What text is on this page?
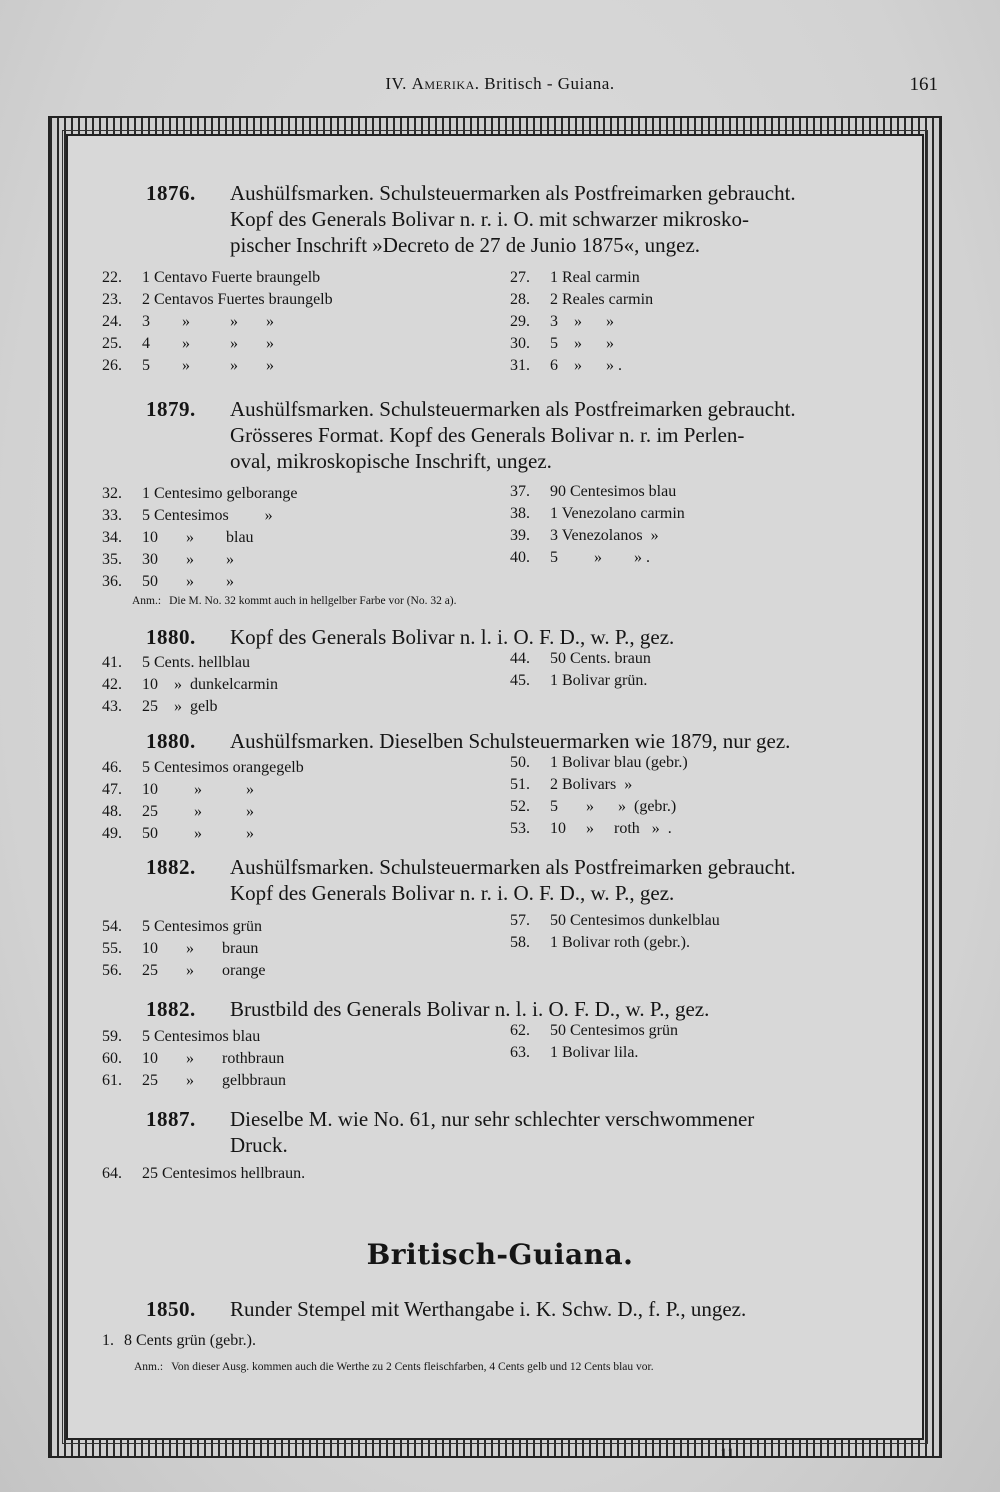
IV. Amerika. Britisch - Guiana.	161
1876. Aushülfsmarken. Schulsteuermarken als Postfreimarken gebraucht.
Kopf des Generals Bolivar n. r. i. O. mit schwarzer mikrosko-
pischer Inschrift »Decreto de 27 de Junio 1875«, ungez.
22.	1 Centavo Fuerte braungelb
23.	2 Centavos Fuertes braungelb
24.	3        »          »       »
25.	4        »          »       »
26.	5        »          »       »
27.	1 Real carmin
28.	2 Reales carmin
29.	3    »      »
30.	5    »      »
31.	6    »      » .
1879. Aushülfsmarken. Schulsteuermarken als Postfreimarken gebraucht.
Grösseres Format. Kopf des Generals Bolivar n. r. im Perlen-
oval, mikroskopische Inschrift, ungez.
32.	1 Centesimo gelborange
33.	5 Centesimos         »
34.	10       »        blau
35.	30       »        »
36.	50       »        »
37.	90 Centesimos blau
38.	1 Venezolano carmin
39.	3 Venezolanos  »
40.	5         »        » .
Anm.: Die M. No. 32 kommt auch in hellgelber Farbe vor (No. 32 a).
1880. Kopf des Generals Bolivar n. l. i. O. F. D., w. P., gez.
41.	5 Cents. hellblau
42.	10    »  dunkelcarmin
43.	25    »  gelb
44.	50 Cents. braun
45.	1 Bolivar grün.
1880. Aushülfsmarken. Dieselben Schulsteuermarken wie 1879, nur gez.
46.	5 Centesimos orangegelb
47.	10         »           »
48.	25         »           »
49.	50         »           »
50.	1 Bolivar blau (gebr.)
51.	2 Bolivars  »
52.	5       »      »  (gebr.)
53.	10     »     roth   »  .
1882. Aushülfsmarken. Schulsteuermarken als Postfreimarken gebraucht.
Kopf des Generals Bolivar n. r. i. O. F. D., w. P., gez.
54.	5 Centesimos grün
55.	10       »       braun
56.	25       »       orange
57.	50 Centesimos dunkelblau
58.	1 Bolivar roth (gebr.).
1882. Brustbild des Generals Bolivar n. l. i. O. F. D., w. P., gez.
59.	5 Centesimos blau
60.	10       »       rothbraun
61.	25       »       gelbbraun
62.	50 Centesimos grün
63.	1 Bolivar lila.
1887. Dieselbe M. wie No. 61, nur sehr schlechter verschwommener
Druck.
64.	25 Centesimos hellbraun.
Britisch-Guiana.
1850. Runder Stempel mit Werthangabe i. K. Schw. D., f. P., ungez.
1. 8 Cents grün (gebr.).
Anm.: Von dieser Ausg. kommen auch die Werthe zu 2 Cents fleischfarben, 4 Cents gelb und 12 Cents blau vor.
11
